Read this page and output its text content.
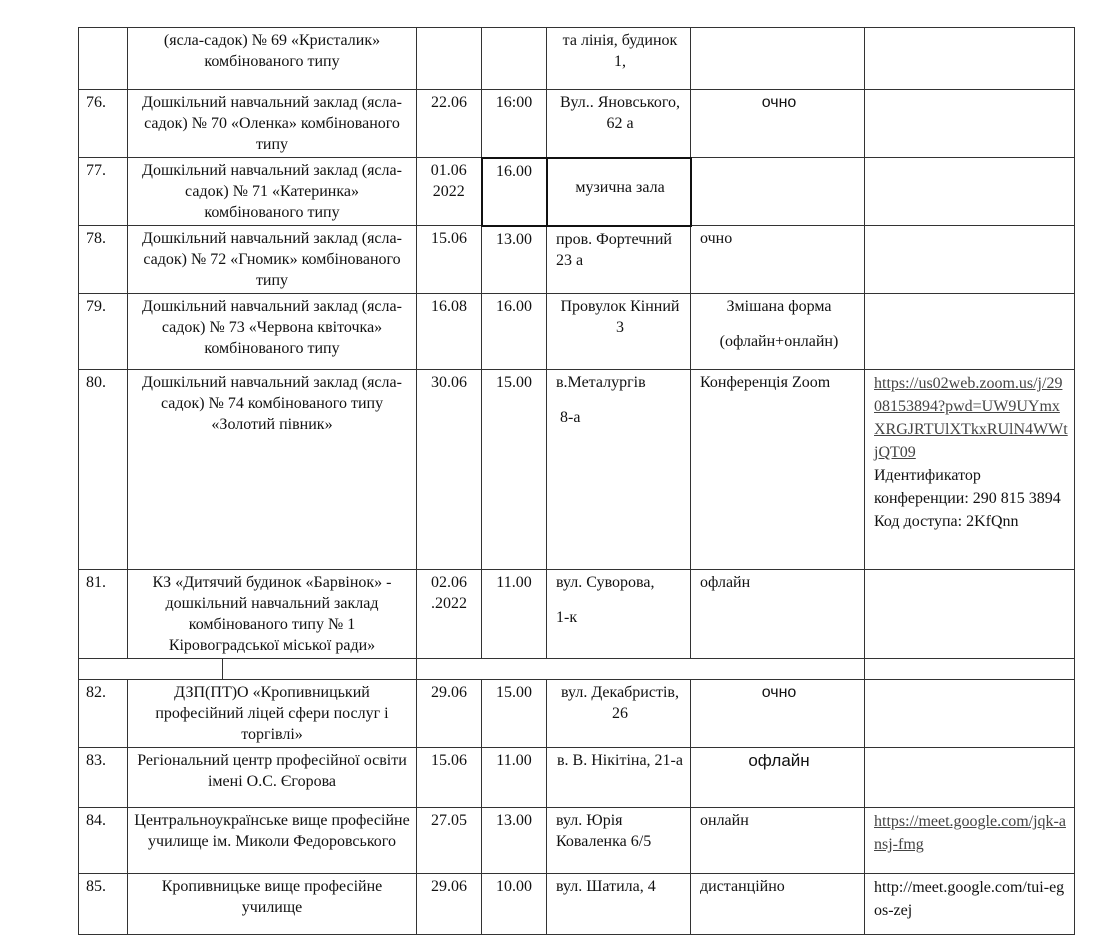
	(ясла-садок) № 69 «Кристалик» комбінованого типу			та лінія, будинок 1,		
76.	Дошкільний навчальний заклад (ясла-садок) № 70 «Оленка» комбінованого типу	22.06	16:00	Вул.. Яновського, 62 а	очно	
77.	Дошкільний навчальний заклад (ясла-садок) № 71 «Катеринка» комбінованого типу	01.06 2022	16.00	музична зала		
78.	Дошкільний навчальний заклад (ясла-садок) № 72 «Гномик» комбінованого типу	15.06	13.00	пров. Фортечний 23 а	очно	
79.	Дошкільний навчальний заклад (ясла-садок) № 73 «Червона квіточка» комбінованого типу	16.08	16.00	Провулок Кінний 3	Змішана форма
(офлайн+онлайн)	

80.	Дошкільний навчальний заклад (ясла-садок) № 74 комбінованого типу «Золотий півник»	30.06	15.00	в.Металургів
8-а	Конференція Zoom	https://us02web.zoom.us/j/2908153894?pwd=UW9UYmxXRGJRTUlXTkxRUlN4WWtjQT09
Идентификатор конференции: 290 815 3894
Код доступа: 2KfQnn
81.	КЗ «Дитячий будинок «Барвінок» - дошкільний навчальний заклад комбінованого типу № 1 Кіровоградської міської ради»	02.06 .2022	11.00	вул. Суворова,
1-к	офлайн	

82.	ДЗП(ПТ)О «Кропивницький професійний ліцей сфери послуг і торгівлі»	29.06	15.00	вул. Декабристів, 26	очно	
83.	Регіональний центр професійної освіти імені О.С. Єгорова	15.06	11.00	в. В. Нікітіна, 21-а	офлайн	
84.	Центральноукраїнське вище професійне училище ім. Миколи Федоровського	27.05	13.00	вул. Юрія Коваленка 6/5	онлайн	https://meet.google.com/jqk-ansj-fmg
85.	Кропивницьке вище професійне училище	29.06	10.00	вул. Шатила, 4	дистанційно	http://meet.google.com/tui-egos-zej
